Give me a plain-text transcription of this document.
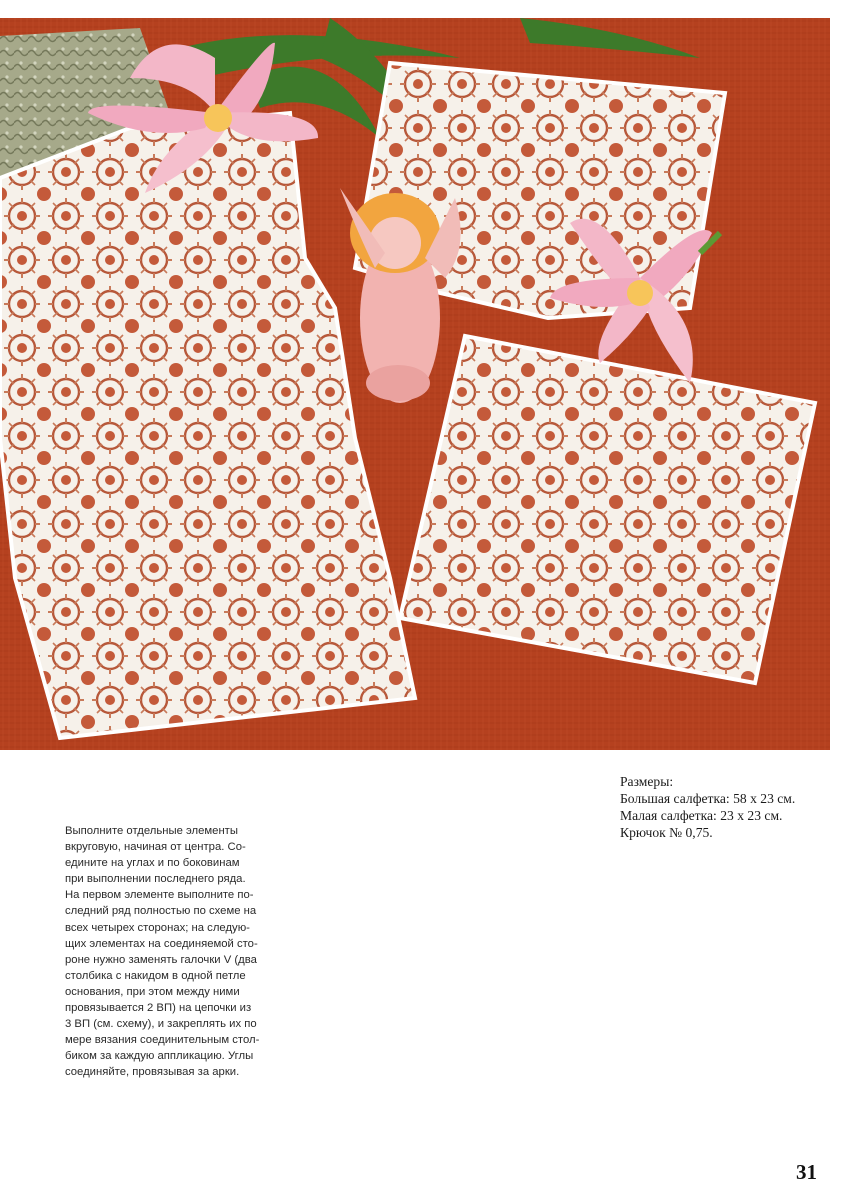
Выполните отдельные элементы
вкруговую, начиная от центра. Со-
едините на углах и по боковинам
при выполнении последнего ряда.
На первом элементе выполните по-
следний ряд полностью по схеме на
всех четырех сторонах; на следую-
щих элементах на соединяемой сто-
роне нужно заменять галочки V (два
столбика с накидом в одной петле
основания, при этом между ними
провязывается 2 ВП) на цепочки из
3 ВП (см. схему), и закреплять их по
мере вязания соединительным стол-
биком за каждую аппликацию. Углы
соединяйте, провязывая за арки.
Размеры:
Большая салфетка: 58 х 23 см.
Малая салфетка: 23 х 23 см.
Крючок № 0,75.
31
